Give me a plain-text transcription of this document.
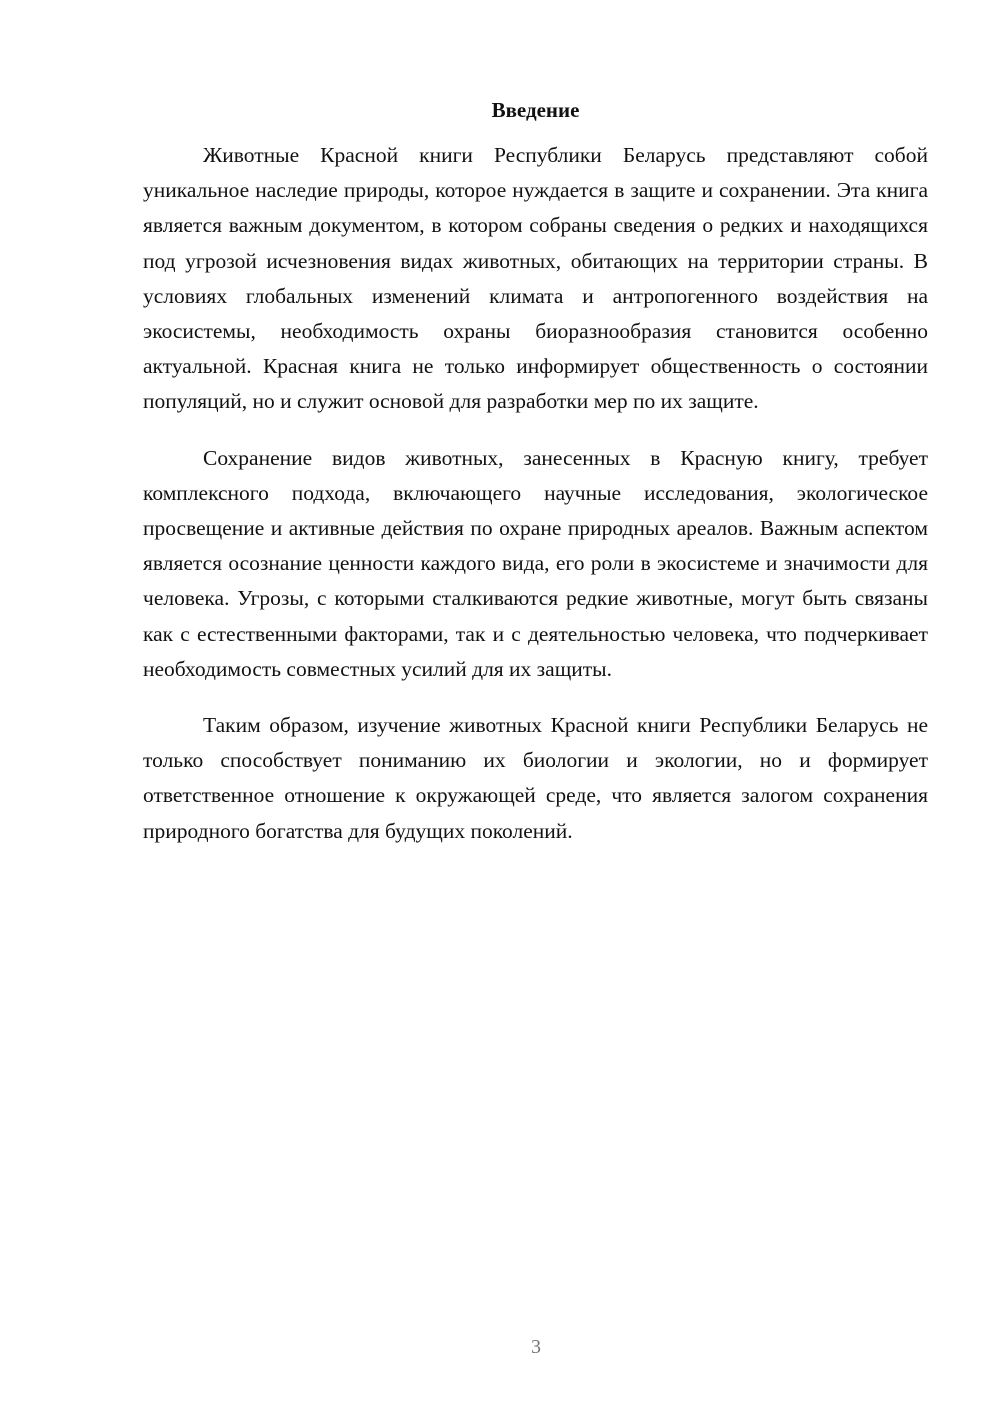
Введение

Животные Красной книги Республики Беларусь представляют собой уникальное наследие природы, которое нуждается в защите и сохранении. Эта книга является важным документом, в котором собраны сведения о редких и находящихся под угрозой исчезновения видах животных, обитающих на территории страны. В условиях глобальных изменений климата и антропогенного воздействия на экосистемы, необходимость охраны биоразнообразия становится особенно актуальной. Красная книга не только информирует общественность о состоянии популяций, но и служит основой для разработки мер по их защите.

Сохранение видов животных, занесенных в Красную книгу, требует комплексного подхода, включающего научные исследования, экологическое просвещение и активные действия по охране природных ареалов. Важным аспектом является осознание ценности каждого вида, его роли в экосистеме и значимости для человека. Угрозы, с которыми сталкиваются редкие животные, могут быть связаны как с естественными факторами, так и с деятельностью человека, что подчеркивает необходимость совместных усилий для их защиты.

Таким образом, изучение животных Красной книги Республики Беларусь не только способствует пониманию их биологии и экологии, но и формирует ответственное отношение к окружающей среде, что является залогом сохранения природного богатства для будущих поколений.

3
